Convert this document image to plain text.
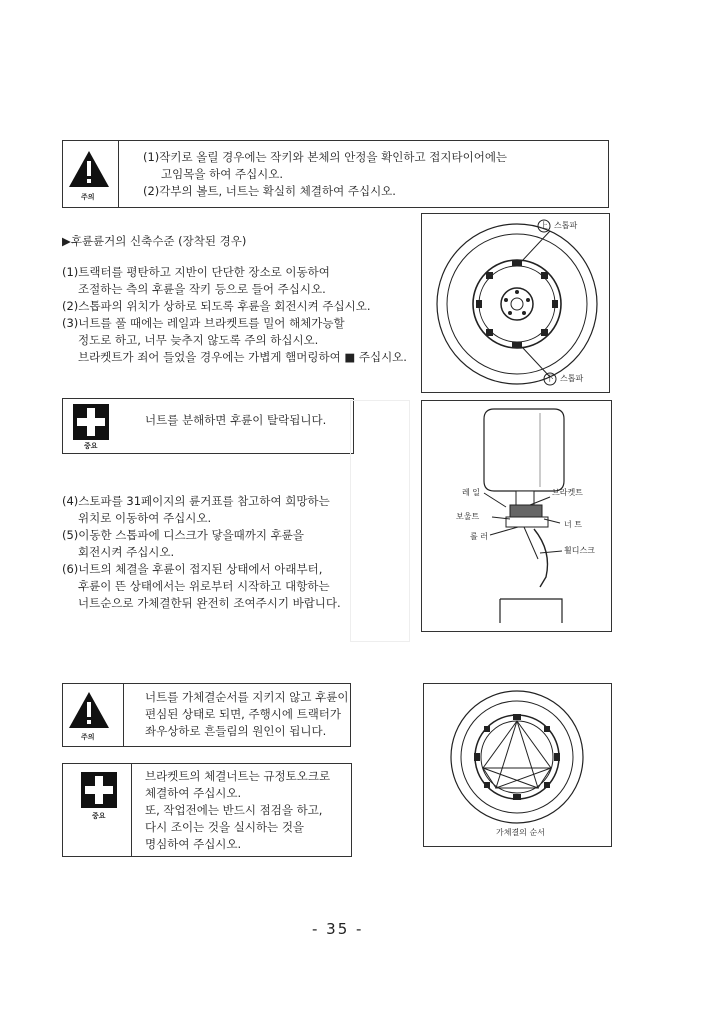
주의
(1)작키로 올릴 경우에는 작키와 본체의 안정을 확인하고 접지타이어에는
고임목을 하여 주십시오.
(2)각부의 볼트, 너트는 확실히 체결하여 주십시오.
▶후륜륜거의 신축수준 (장착된 경우)
(1)트랙터를 평탄하고 지반이 단단한 장소로 이동하여
조절하는 측의 후륜을 작키 등으로 들어 주십시오.
(2)스톱파의 위치가 상하로 되도록 후륜을 회전시켜 주십시오.
(3)너트를 풀 때에는 레일과 브라켓트를 밀어 해체가능할
정도로 하고, 너무 늦추지 않도록 주의 하십시오.
브라켓트가 죄어 들었을 경우에는 가볍게 햄머링하여 ■ 주십시오.
중요
너트를 분해하면 후륜이 탈락됩니다.
(4)스토파를 31페이지의 륜거표를 참고하여 희망하는
위치로 이동하여 주십시오.
(5)이동한 스톱파에 디스크가 닿을때까지 후륜을
회전시켜 주십시오.
(6)너트의 체결을 후륜이 접지된 상태에서 아래부터,
후륜이 뜬 상태에서는 위로부터 시작하고 대항하는
너트순으로 가체결한뒤 완전히 조여주시기 바랍니다.
上 스톱파
下 스톱파
레 일	브라켓트
보울트
너 트
롤 러
휠디스크
주의
너트를 가체결순서를 지키지 않고 후륜이
편심된 상태로 되면, 주행시에 트랙터가
좌우상하로 흔들림의 원인이 됩니다.
중요
브라켓트의 체결너트는 규정토오크로
체결하여 주십시오.
또, 작업전에는 반드시 점검을 하고,
다시 조이는 것을 실시하는 것을
명심하여 주십시오.
가체결의 순서
- 35 -
